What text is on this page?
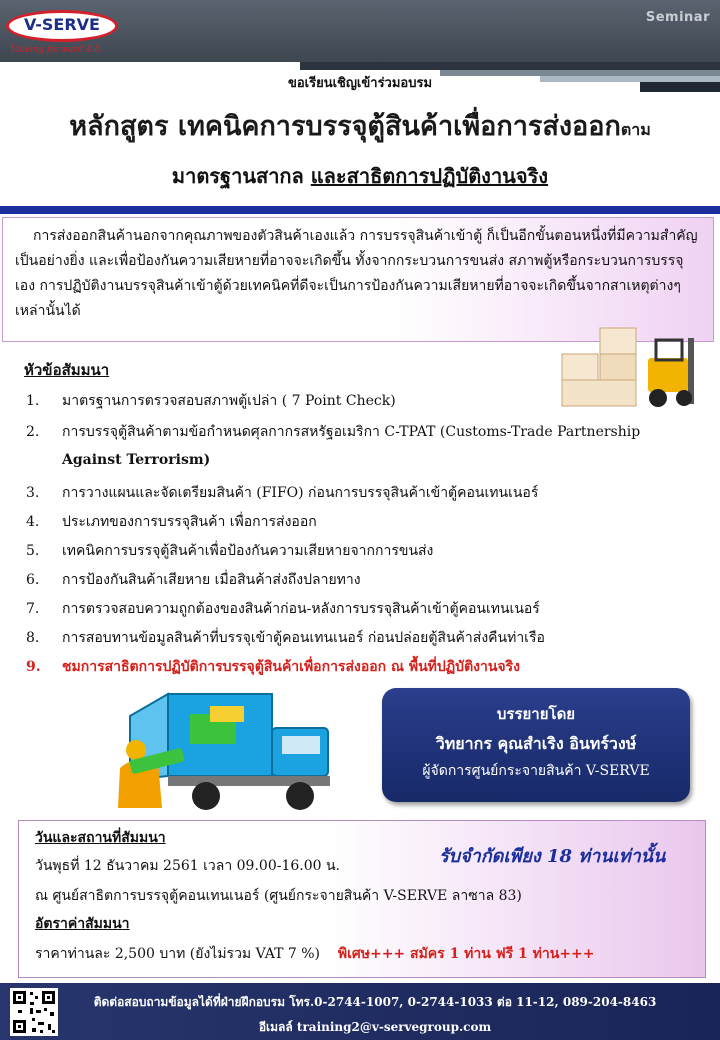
Seminar
V-SERVE
Moving forward 4.0
ขอเรียนเชิญเข้าร่วมอบรม
หลักสูตร เทคนิคการบรรจุตู้สินค้าเพื่อการส่งออกตาม
มาตรฐานสากล และสาธิตการปฏิบัติงานจริง
การส่งออกสินค้านอกจากคุณภาพของตัวสินค้าเองแล้ว การบรรจุสินค้าเข้าตู้ ก็เป็นอีกขั้นตอนหนึ่งที่มีความสำคัญเป็นอย่างยิ่ง และเพื่อป้องกันความเสียหายที่อาจจะเกิดขึ้น ทั้งจากกระบวนการขนส่ง สภาพตู้หรือกระบวนการบรรจุเอง การปฏิบัติงานบรรจุสินค้าเข้าตู้ด้วยเทคนิคที่ดีจะเป็นการป้องกันความเสียหายที่อาจจะเกิดขึ้นจากสาเหตุต่างๆ เหล่านั้นได้
หัวข้อสัมมนา
1. มาตรฐานการตรวจสอบสภาพตู้เปล่า ( 7 Point Check)
2. การบรรจุตู้สินค้าตามข้อกำหนดศุลกากรสหรัฐอเมริกา C-TPAT (Customs-Trade Partnership
Against Terrorism)
3. การวางแผนและจัดเตรียมสินค้า (FIFO) ก่อนการบรรจุสินค้าเข้าตู้คอนเทนเนอร์
4. ประเภทของการบรรจุสินค้า เพื่อการส่งออก
5. เทคนิคการบรรจุตู้สินค้าเพื่อป้องกันความเสียหายจากการขนส่ง
6. การป้องกันสินค้าเสียหาย เมื่อสินค้าส่งถึงปลายทาง
7. การตรวจสอบความถูกต้องของสินค้าก่อน-หลังการบรรจุสินค้าเข้าตู้คอนเทนเนอร์
8. การสอบทานข้อมูลสินค้าที่บรรจุเข้าตู้คอนเทนเนอร์ ก่อนปล่อยตู้สินค้าส่งคืนท่าเรือ
9. ชมการสาธิตการปฏิบัติการบรรจุตู้สินค้าเพื่อการส่งออก ณ พื้นที่ปฏิบัติงานจริง
บรรยายโดย
วิทยากร คุณสำเริง อินทร์วงษ์
ผู้จัดการศูนย์กระจายสินค้า V-SERVE
วันและสถานที่สัมมนา
วันพุธที่ 12 ธันวาคม 2561 เวลา 09.00-16.00 น.
ณ ศูนย์สาธิตการบรรจุตู้คอนเทนเนอร์ (ศูนย์กระจายสินค้า V-SERVE ลาซาล 83)
อัตราค่าสัมมนา
ราคาท่านละ 2,500 บาท (ยังไม่รวม VAT 7 %) พิเศษ+++ สมัคร 1 ท่าน ฟรี 1 ท่าน+++
รับจำกัดเพียง 18 ท่านเท่านั้น
ติดต่อสอบถามข้อมูลได้ที่ฝ่ายฝึกอบรม โทร.0-2744-1007, 0-2744-1033 ต่อ 11-12, 089-204-8463
อีเมลล์ training2@v-servegroup.com
